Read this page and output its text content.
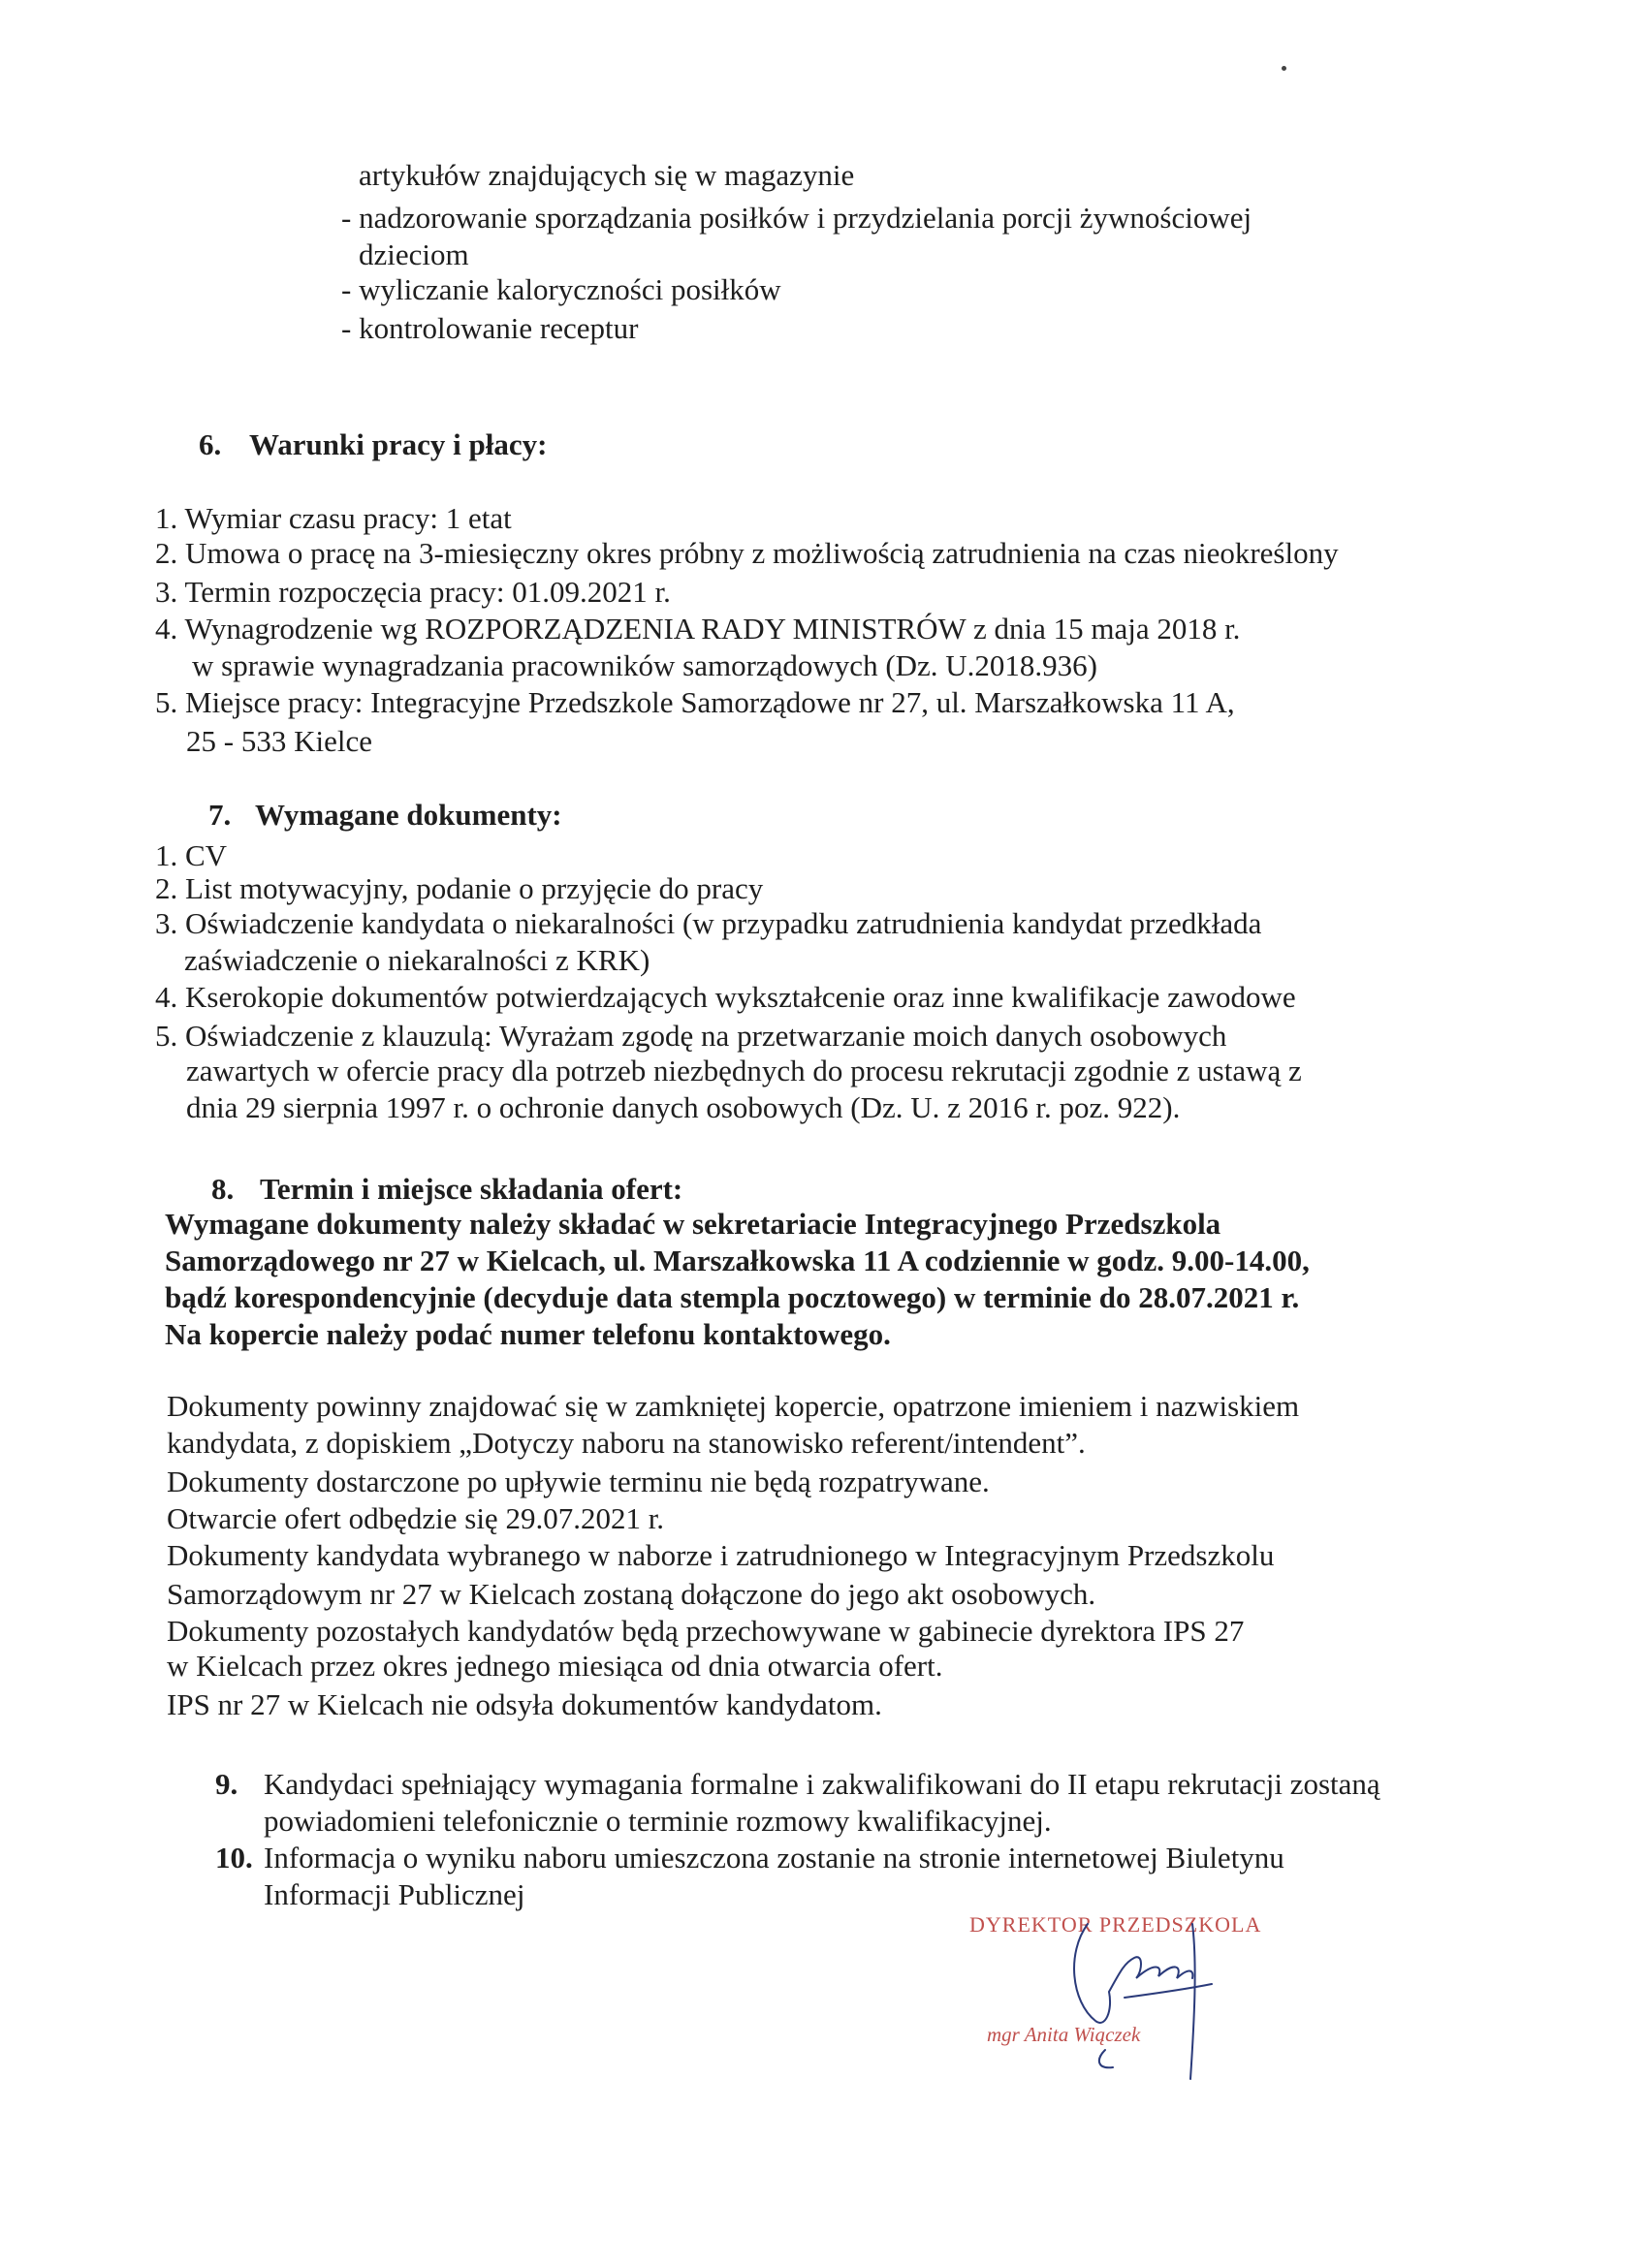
artykułów znajdujących się w magazynie
- nadzorowanie sporządzania posiłków i przydzielania porcji żywnościowej
dzieciom
- wyliczanie kaloryczności posiłków
- kontrolowanie receptur
6. Warunki pracy i płacy:
1. Wymiar czasu pracy: 1 etat
2. Umowa o pracę na 3-miesięczny okres próbny z możliwością zatrudnienia na czas nieokreślony
3. Termin rozpoczęcia pracy: 01.09.2021 r.
4. Wynagrodzenie wg ROZPORZĄDZENIA RADY MINISTRÓW z dnia 15 maja 2018 r.
w sprawie wynagradzania pracowników samorządowych (Dz. U.2018.936)
5. Miejsce pracy: Integracyjne Przedszkole Samorządowe nr 27, ul. Marszałkowska 11 A,
25 - 533 Kielce
7. Wymagane dokumenty:
1. CV
2. List motywacyjny, podanie o przyjęcie do pracy
3. Oświadczenie kandydata o niekaralności (w przypadku zatrudnienia kandydat przedkłada
zaświadczenie o niekaralności z KRK)
4. Kserokopie dokumentów potwierdzających wykształcenie oraz inne kwalifikacje zawodowe
5. Oświadczenie z klauzulą: Wyrażam zgodę na przetwarzanie moich danych osobowych
zawartych w ofercie pracy dla potrzeb niezbędnych do procesu rekrutacji zgodnie z ustawą z
dnia 29 sierpnia 1997 r. o ochronie danych osobowych (Dz. U. z 2016 r. poz. 922).
8. Termin i miejsce składania ofert:
Wymagane dokumenty należy składać w sekretariacie Integracyjnego Przedszkola
Samorządowego nr 27 w Kielcach, ul. Marszałkowska 11 A codziennie w godz. 9.00-14.00,
bądź korespondencyjnie (decyduje data stempla pocztowego) w terminie do 28.07.2021 r.
Na kopercie należy podać numer telefonu kontaktowego.
Dokumenty powinny znajdować się w zamkniętej kopercie, opatrzone imieniem i nazwiskiem
kandydata, z dopiskiem „Dotyczy naboru na stanowisko referent/intendent”.
Dokumenty dostarczone po upływie terminu nie będą rozpatrywane.
Otwarcie ofert odbędzie się 29.07.2021 r.
Dokumenty kandydata wybranego w naborze i zatrudnionego w Integracyjnym Przedszkolu
Samorządowym nr 27 w Kielcach zostaną dołączone do jego akt osobowych.
Dokumenty pozostałych kandydatów będą przechowywane w gabinecie dyrektora IPS 27
w Kielcach przez okres jednego miesiąca od dnia otwarcia ofert.
IPS nr 27 w Kielcach nie odsyła dokumentów kandydatom.
9. Kandydaci spełniający wymagania formalne i zakwalifikowani do II etapu rekrutacji zostaną
powiadomieni telefonicznie o terminie rozmowy kwalifikacyjnej.
10. Informacja o wyniku naboru umieszczona zostanie na stronie internetowej Biuletynu
Informacji Publicznej
DYREKTOR PRZEDSZKOLA
mgr Anita Wiączek
